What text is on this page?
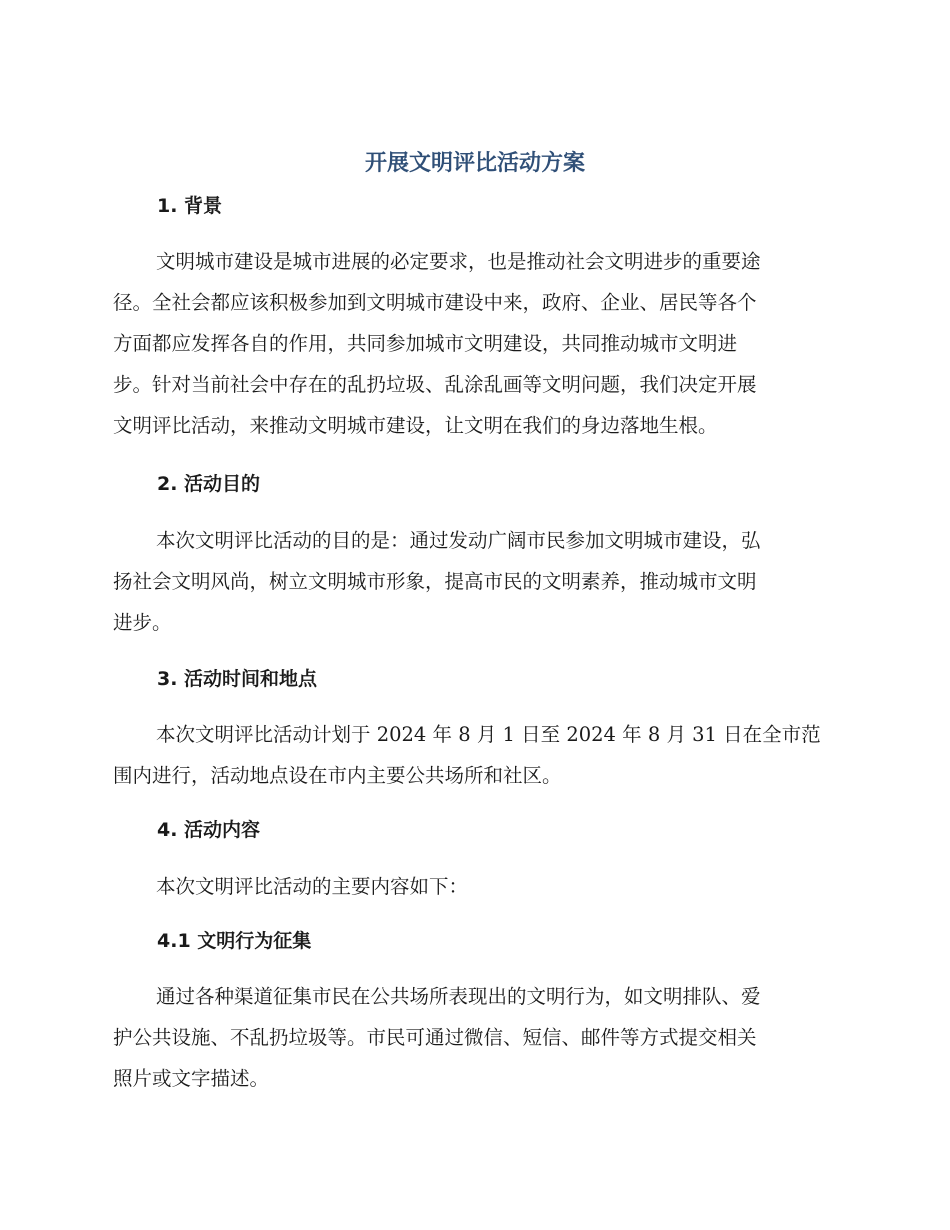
开展文明评比活动方案
1. 背景
文明城市建设是城市进展的必定要求，也是推动社会文明进步的重要途
径。全社会都应该积极参加到文明城市建设中来，政府、企业、居民等各个
方面都应发挥各自的作用，共同参加城市文明建设，共同推动城市文明进
步。针对当前社会中存在的乱扔垃圾、乱涂乱画等文明问题，我们决定开展
文明评比活动，来推动文明城市建设，让文明在我们的身边落地生根。
2. 活动目的
本次文明评比活动的目的是：通过发动广阔市民参加文明城市建设，弘
扬社会文明风尚，树立文明城市形象，提高市民的文明素养，推动城市文明
进步。
3. 活动时间和地点
本次文明评比活动计划于 2024 年 8 月 1 日至 2024 年 8 月 31 日在全市范
围内进行，活动地点设在市内主要公共场所和社区。
4. 活动内容
本次文明评比活动的主要内容如下：
4.1 文明行为征集
通过各种渠道征集市民在公共场所表现出的文明行为，如文明排队、爱
护公共设施、不乱扔垃圾等。市民可通过微信、短信、邮件等方式提交相关
照片或文字描述。
